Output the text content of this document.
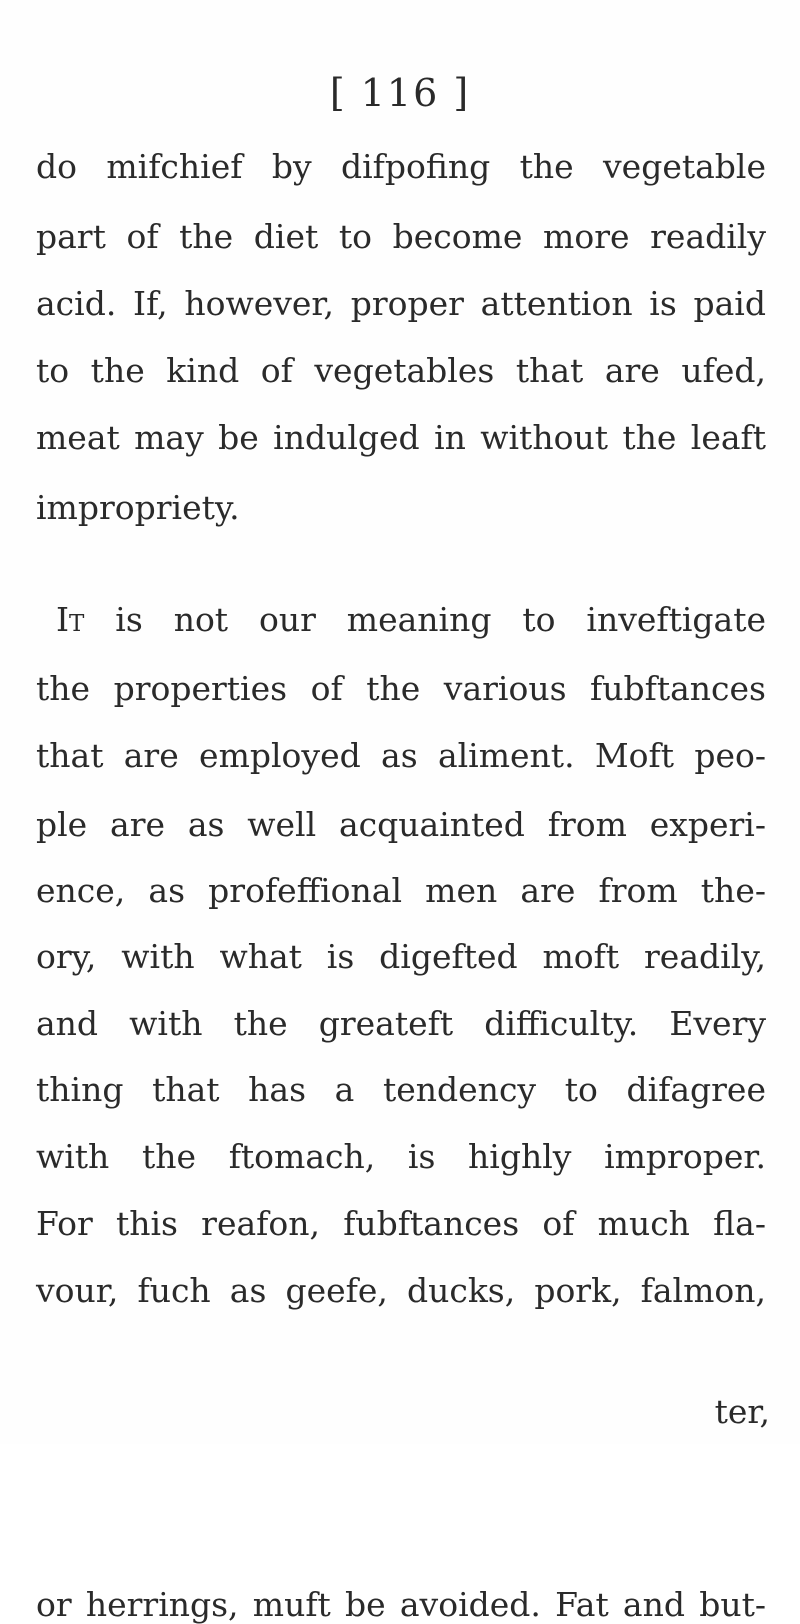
[ 116 ]
do mifchief by difpofing the vegetable
part of the diet to become more readily
acid. If, however, proper attention is paid
to the kind of vegetables that are ufed,
meat may be indulged in without the leaft
impropriety.
It is not our meaning to inveftigate
the properties of the various fubftances
that are employed as aliment. Moft peo-
ple are as well acquainted from experi-
ence, as profeffional men are from the-
ory, with what is digefted moft readily,
and with the greateft difficulty. Every
thing that has a tendency to difagree
with the ftomach, is highly improper.
For this reafon, fubftances of much fla-
vour, fuch as geefe, ducks, pork, falmon,
or herrings, muft be avoided. Fat and but-
ter,
